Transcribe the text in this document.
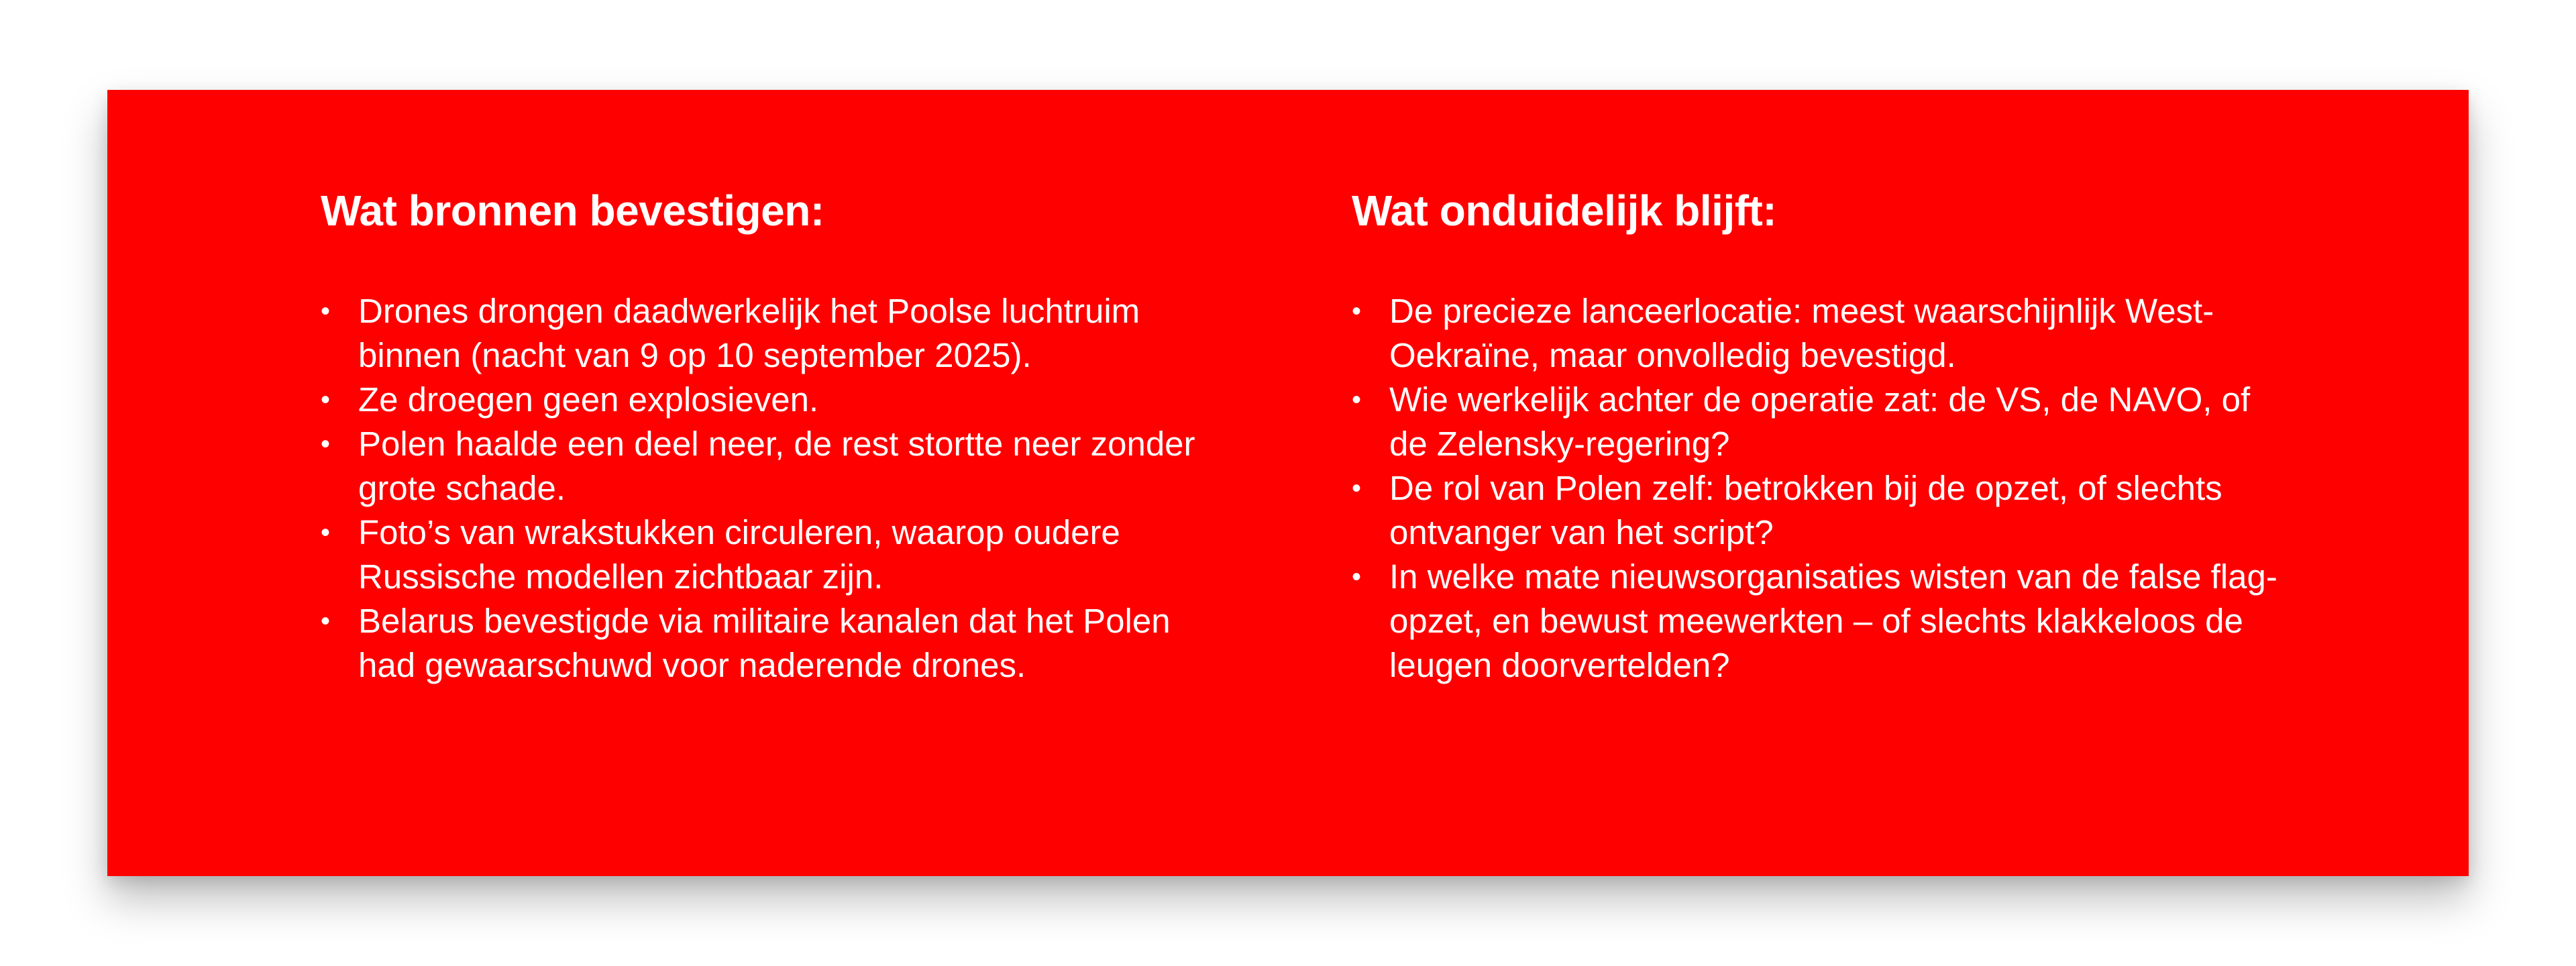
Wat bronnen bevestigen:
• Drones drongen daadwerkelijk het Poolse luchtruim binnen (nacht van 9 op 10 september 2025).
• Ze droegen geen explosieven.
• Polen haalde een deel neer, de rest stortte neer zonder grote schade.
• Foto’s van wrakstukken circuleren, waarop oudere Russische modellen zichtbaar zijn.
• Belarus bevestigde via militaire kanalen dat het Polen had gewaarschuwd voor naderende drones.
Wat onduidelijk blijft:
• De precieze lanceerlocatie: meest waarschijnlijk West-Oekraïne, maar onvolledig bevestigd.
• Wie werkelijk achter de operatie zat: de VS, de NAVO, of de Zelensky-regering?
• De rol van Polen zelf: betrokken bij de opzet, of slechts ontvanger van het script?
• In welke mate nieuwsorganisaties wisten van de false flag-opzet, en bewust meewerkten – of slechts klakkeloos de leugen doorvertelden?
